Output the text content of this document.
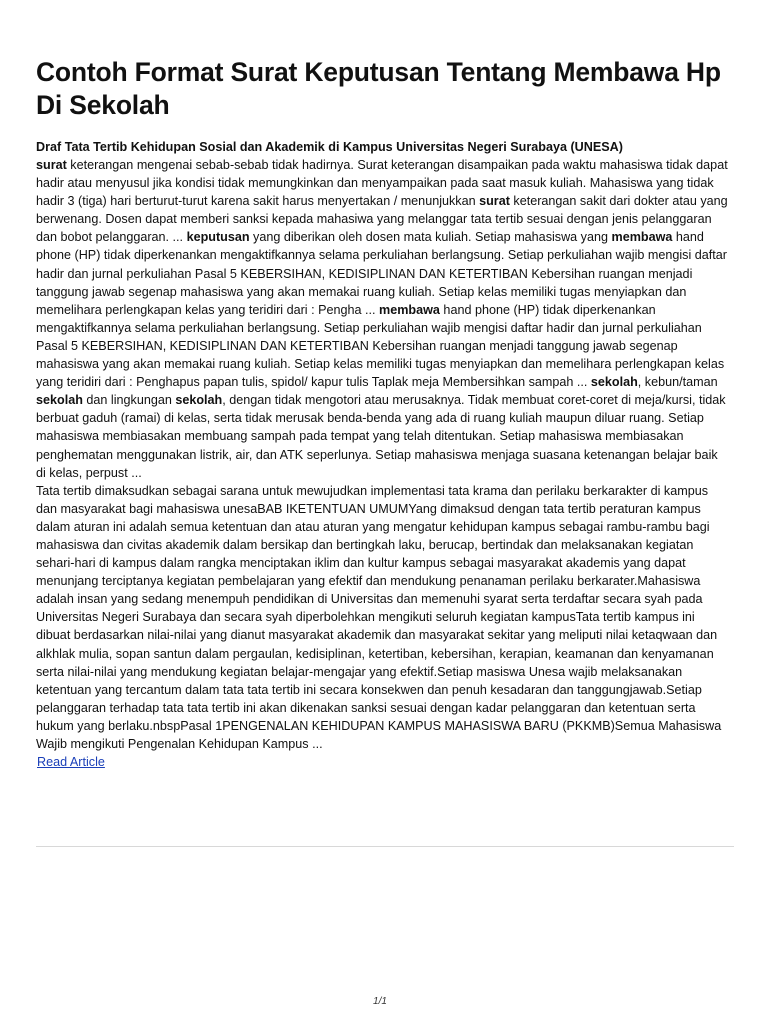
Contoh Format Surat Keputusan Tentang Membawa Hp Di Sekolah

Draf Tata Tertib Kehidupan Sosial dan Akademik di Kampus Universitas Negeri Surabaya (UNESA)

surat keterangan mengenai sebab-sebab tidak hadirnya. Surat keterangan disampaikan pada waktu mahasiswa tidak dapat hadir atau menyusul jika kondisi tidak memungkinkan dan menyampaikan pada saat masuk kuliah. Mahasiswa yang tidak hadir 3 (tiga) hari berturut-turut karena sakit harus menyertakan / menunjukkan surat keterangan sakit dari dokter atau yang berwenang. Dosen dapat memberi sanksi kepada mahasiwa yang melanggar tata tertib sesuai dengan jenis pelanggaran dan bobot pelanggaran. ... keputusan yang diberikan oleh dosen mata kuliah. Setiap mahasiswa yang membawa hand phone (HP) tidak diperkenankan mengaktifkannya selama perkuliahan berlangsung. Setiap perkuliahan wajib mengisi daftar hadir dan jurnal perkuliahan Pasal 5 KEBERSIHAN, KEDISIPLINAN DAN KETERTIBAN Kebersihan ruangan menjadi tanggung jawab segenap mahasiswa yang akan memakai ruang kuliah. Setiap kelas memiliki tugas menyiapkan dan memelihara perlengkapan kelas yang teridiri dari : Pengha ... membawa hand phone (HP) tidak diperkenankan mengaktifkannya selama perkuliahan berlangsung. Setiap perkuliahan wajib mengisi daftar hadir dan jurnal perkuliahan Pasal 5 KEBERSIHAN, KEDISIPLINAN DAN KETERTIBAN Kebersihan ruangan menjadi tanggung jawab segenap mahasiswa yang akan memakai ruang kuliah. Setiap kelas memiliki tugas menyiapkan dan memelihara perlengkapan kelas yang teridiri dari : Penghapus papan tulis, spidol/ kapur tulis Taplak meja Membersihkan sampah ... sekolah, kebun/taman sekolah dan lingkungan sekolah, dengan tidak mengotori atau merusaknya. Tidak membuat coret-coret di meja/kursi, tidak berbuat gaduh (ramai) di kelas, serta tidak merusak benda-benda yang ada di ruang kuliah maupun diluar ruang. Setiap mahasiswa membiasakan membuang sampah pada tempat yang telah ditentukan. Setiap mahasiswa membiasakan penghematan menggunakan listrik, air, dan ATK seperlunya. Setiap mahasiswa menjaga suasana ketenangan belajar baik di kelas, perpust ...

Tata tertib dimaksudkan sebagai sarana untuk mewujudkan implementasi tata krama dan perilaku berkarakter di kampus dan masyarakat bagi mahasiswa unesaBAB IKETENTUAN UMUMYang dimaksud dengan tata tertib peraturan kampus dalam aturan ini adalah semua ketentuan dan atau aturan yang mengatur kehidupan kampus sebagai rambu-rambu bagi mahasiswa dan civitas akademik dalam bersikap dan bertingkah laku, berucap, bertindak dan melaksanakan kegiatan sehari-hari di kampus dalam rangka menciptakan iklim dan kultur kampus sebagai masyarakat akademis yang dapat menunjang terciptanya kegiatan pembelajaran yang efektif dan mendukung penanaman perilaku berkarater.Mahasiswa adalah insan yang sedang menempuh pendidikan di Universitas dan memenuhi syarat serta terdaftar secara syah pada Universitas Negeri Surabaya dan secara syah diperbolehkan mengikuti seluruh kegiatan kampusTata tertib kampus ini dibuat berdasarkan nilai-nilai yang dianut masyarakat akademik dan masyarakat sekitar yang meliputi nilai ketaqwaan dan alkhlak mulia, sopan santun dalam pergaulan, kedisiplinan, ketertiban, kebersihan, kerapian, keamanan dan kenyamanan serta nilai-nilai yang mendukung kegiatan belajar-mengajar yang efektif.Setiap masiswa Unesa wajib melaksanakan ketentuan yang tercantum dalam tata tata tertib ini secara konsekwen dan penuh kesadaran dan tanggungjawab.Setiap pelanggaran terhadap tata tata tertib ini akan dikenakan sanksi sesuai dengan kadar pelanggaran dan ketentuan serta hukum yang berlaku.nbspPasal 1PENGENALAN KEHIDUPAN KAMPUS MAHASISWA BARU (PKKMB)Semua Mahasiswa Wajib mengikuti Pengenalan Kehidupan Kampus ...

Read Article
1/1
